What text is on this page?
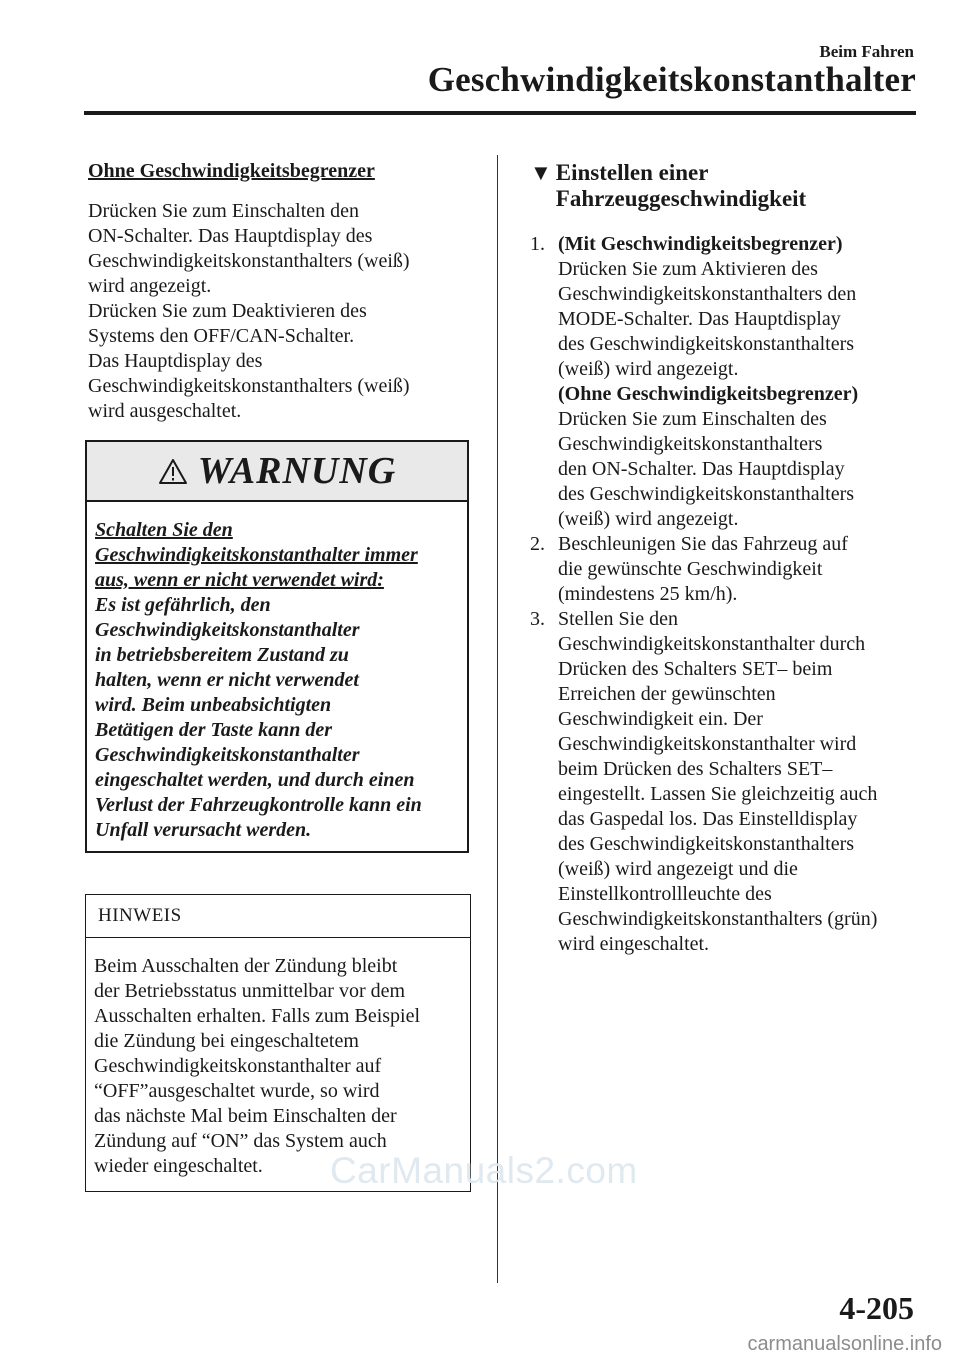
Beim Fahren
Geschwindigkeitskonstanthalter
Ohne Geschwindigkeitsbegrenzer

Drücken Sie zum Einschalten den
ON-Schalter. Das Hauptdisplay des
Geschwindigkeitskonstanthalters (weiß)
wird angezeigt.
Drücken Sie zum Deaktivieren des
Systems den OFF/CAN-Schalter.
Das Hauptdisplay des
Geschwindigkeitskonstanthalters (weiß)
wird ausgeschaltet.

WARNUNG
Schalten Sie den
Geschwindigkeitskonstanthalter immer
aus, wenn er nicht verwendet wird:
Es ist gefährlich, den
Geschwindigkeitskonstanthalter
in betriebsbereitem Zustand zu
halten, wenn er nicht verwendet
wird. Beim unbeabsichtigten
Betätigen der Taste kann der
Geschwindigkeitskonstanthalter
eingeschaltet werden, und durch einen
Verlust der Fahrzeugkontrolle kann ein
Unfall verursacht werden.
HINWEIS
Beim Ausschalten der Zündung bleibt
der Betriebsstatus unmittelbar vor dem
Ausschalten erhalten. Falls zum Beispiel
die Zündung bei eingeschaltetem
Geschwindigkeitskonstanthalter auf
“OFF”ausgeschaltet wurde, so wird
das nächste Mal beim Einschalten der
Zündung auf “ON” das System auch
wieder eingeschaltet.
▼ Einstellen einer
Fahrzeuggeschwindigkeit
1. (Mit Geschwindigkeitsbegrenzer)
Drücken Sie zum Aktivieren des
Geschwindigkeitskonstanthalters den
MODE-Schalter. Das Hauptdisplay
des Geschwindigkeitskonstanthalters
(weiß) wird angezeigt.
(Ohne Geschwindigkeitsbegrenzer)
Drücken Sie zum Einschalten des
Geschwindigkeitskonstanthalters
den ON-Schalter. Das Hauptdisplay
des Geschwindigkeitskonstanthalters
(weiß) wird angezeigt.
2. Beschleunigen Sie das Fahrzeug auf
die gewünschte Geschwindigkeit
(mindestens 25 km/h).
3. Stellen Sie den
Geschwindigkeitskonstanthalter durch
Drücken des Schalters SET– beim
Erreichen der gewünschten
Geschwindigkeit ein. Der
Geschwindigkeitskonstanthalter wird
beim Drücken des Schalters SET–
eingestellt. Lassen Sie gleichzeitig auch
das Gaspedal los. Das Einstelldisplay
des Geschwindigkeitskonstanthalters
(weiß) wird angezeigt und die
Einstellkontrollleuchte des
Geschwindigkeitskonstanthalters (grün)
wird eingeschaltet.
CarManuals2.com
4-205
carmanualsonline.info
